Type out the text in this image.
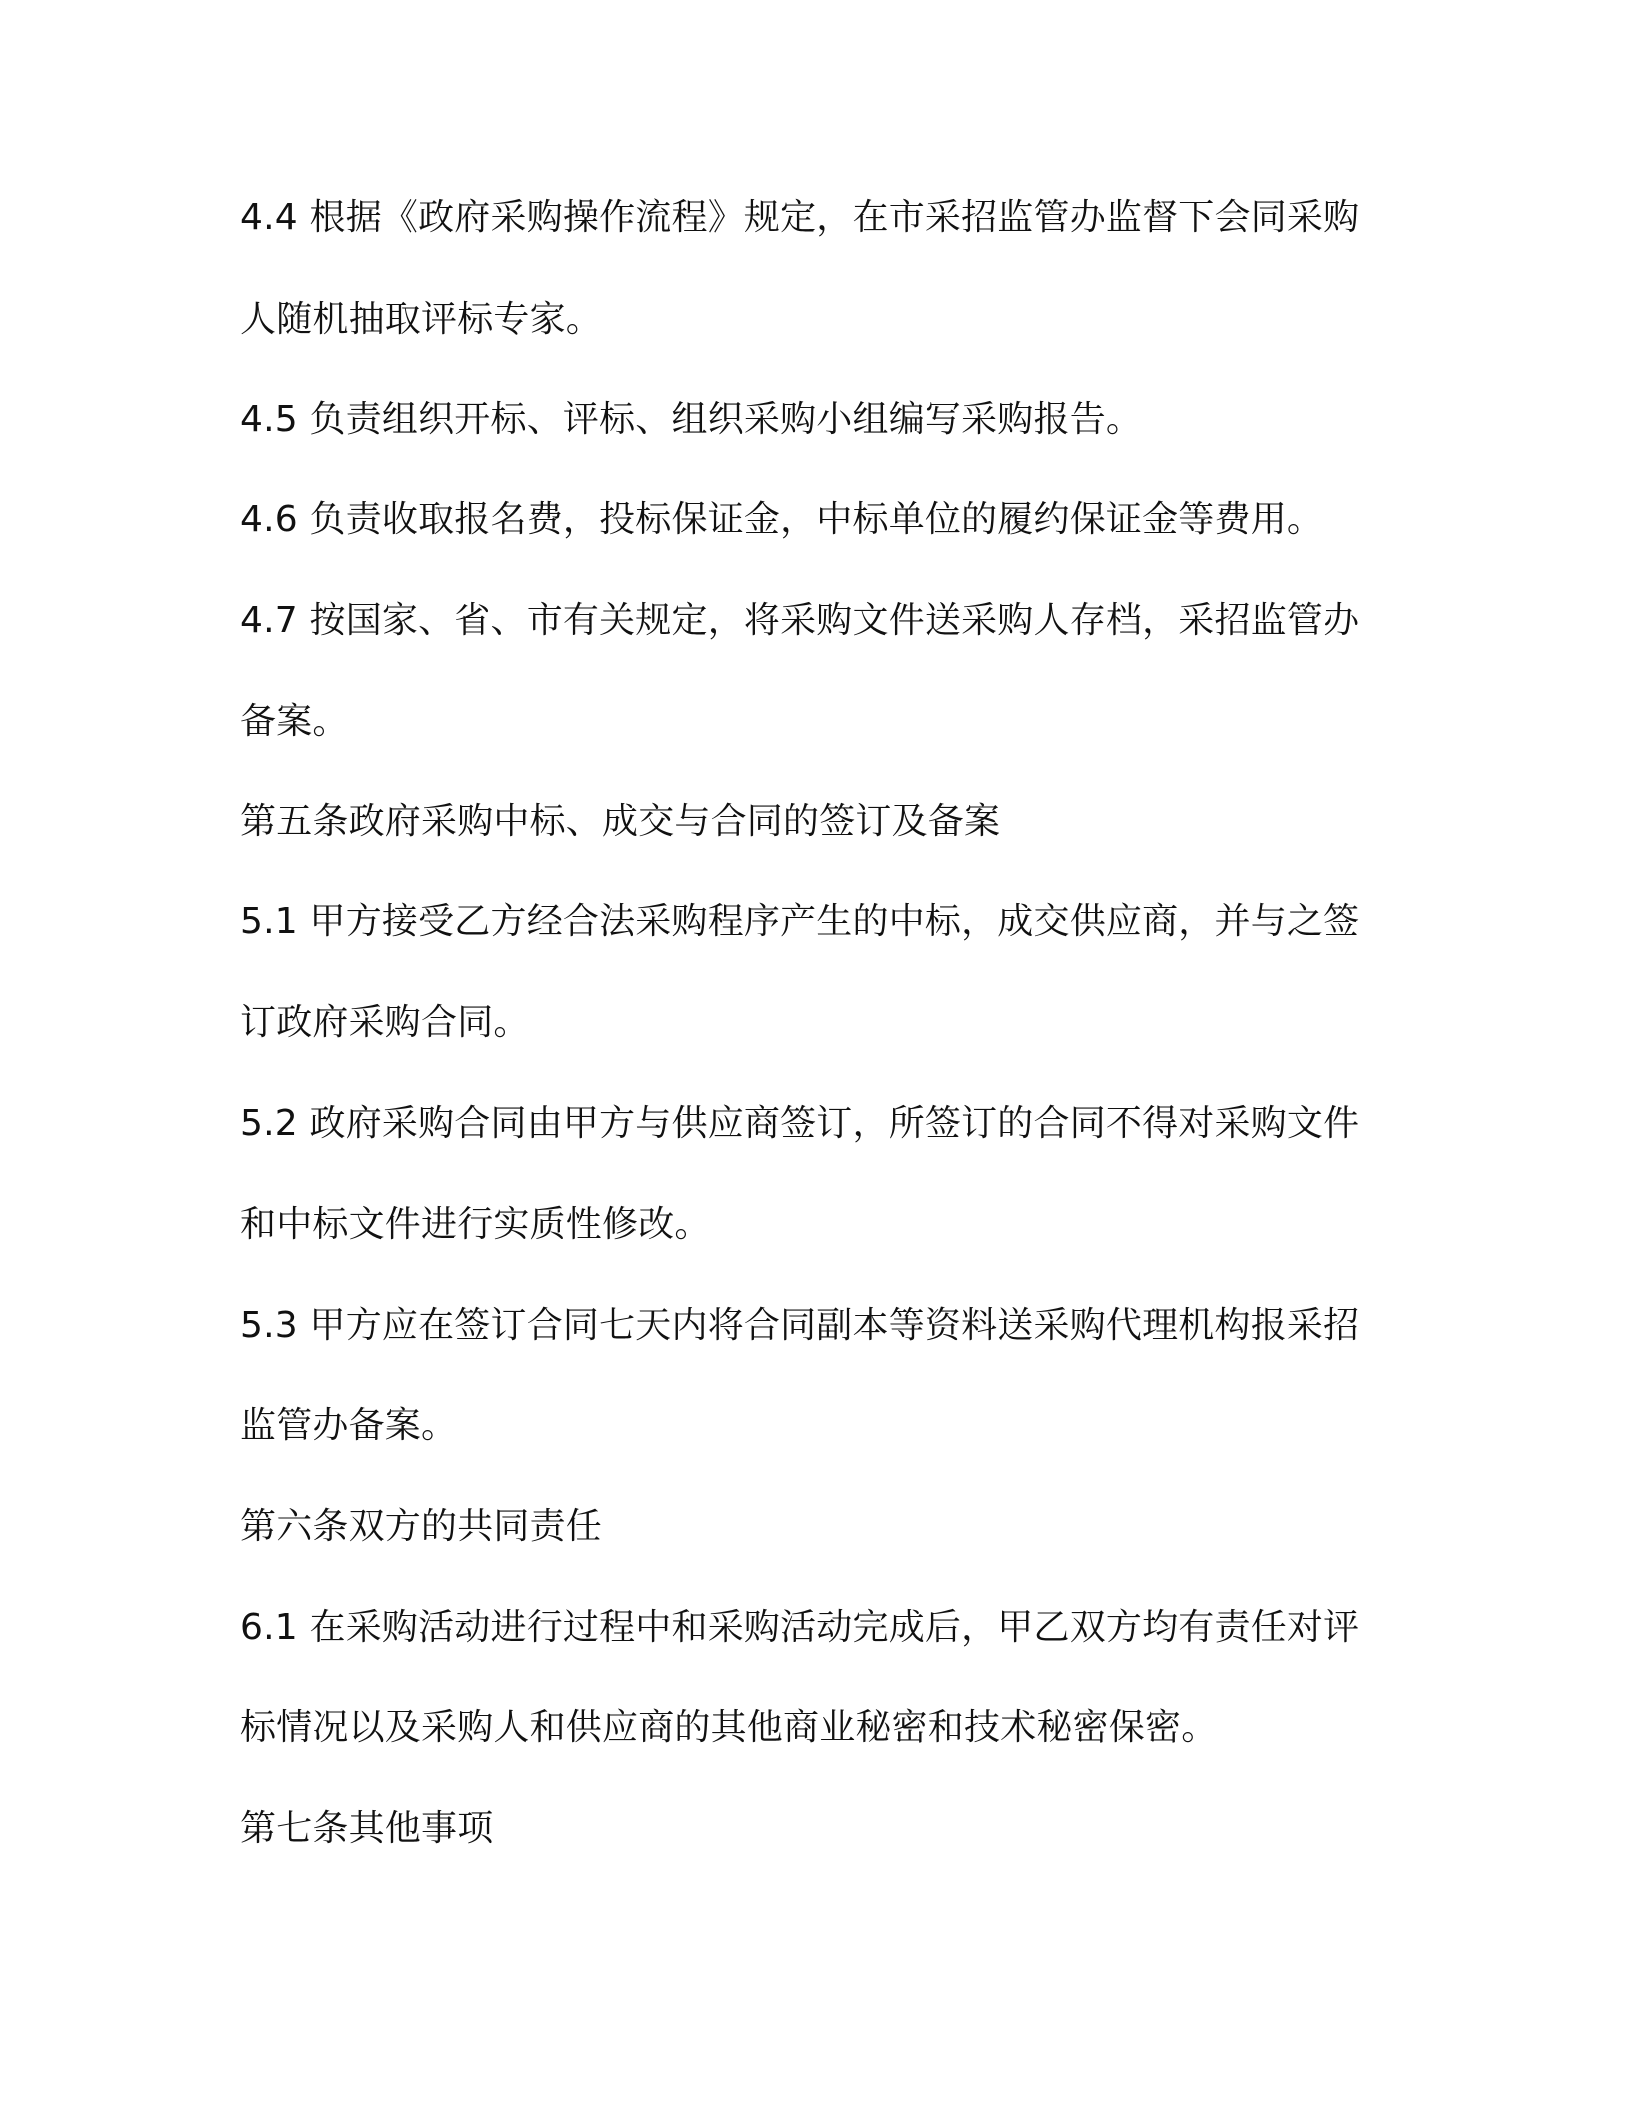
4.4 根据《政府采购操作流程》规定，在市采招监管办监督下会同采购
人随机抽取评标专家。
4.5 负责组织开标、评标、组织采购小组编写采购报告。
4.6 负责收取报名费，投标保证金，中标单位的履约保证金等费用。
4.7 按国家、省、市有关规定，将采购文件送采购人存档，采招监管办
备案。
第五条政府采购中标、成交与合同的签订及备案
5.1 甲方接受乙方经合法采购程序产生的中标，成交供应商，并与之签
订政府采购合同。
5.2 政府采购合同由甲方与供应商签订，所签订的合同不得对采购文件
和中标文件进行实质性修改。
5.3 甲方应在签订合同七天内将合同副本等资料送采购代理机构报采招
监管办备案。
第六条双方的共同责任
6.1 在采购活动进行过程中和采购活动完成后，甲乙双方均有责任对评
标情况以及采购人和供应商的其他商业秘密和技术秘密保密。
第七条其他事项
